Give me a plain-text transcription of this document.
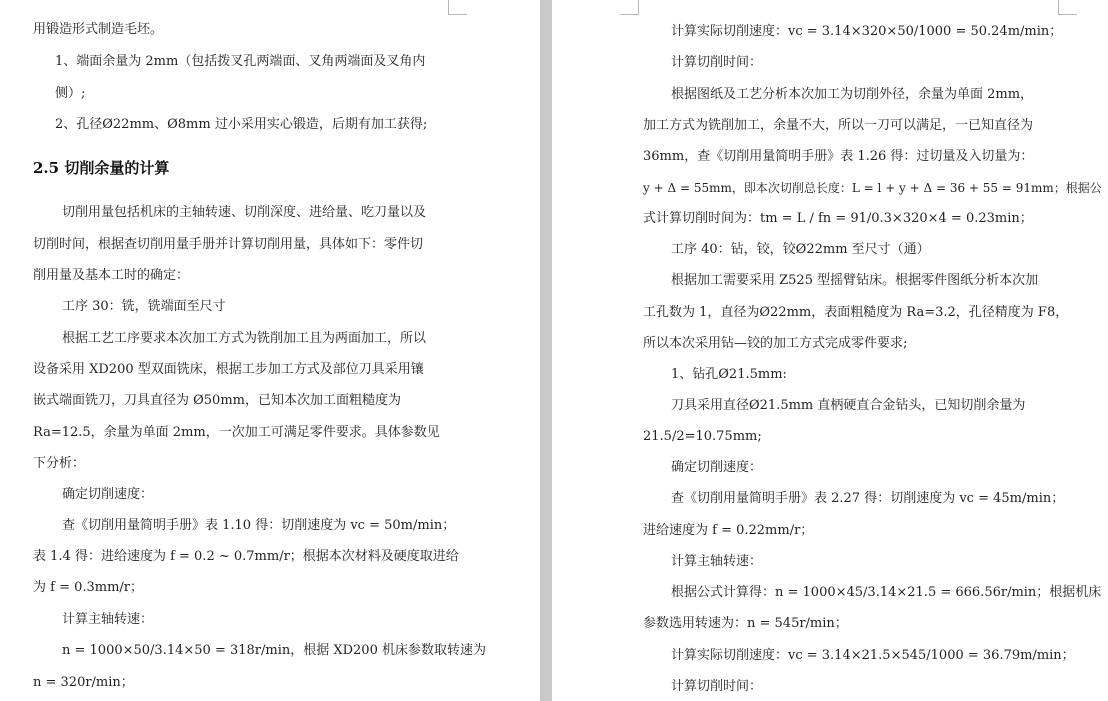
用锻造形式制造毛坯。
1、端面余量为 2mm（包括拨叉孔两端面、叉角两端面及叉角内
侧）;
2、孔径Ø22mm、Ø8mm 过小采用实心锻造，后期有加工获得;
2.5 切削余量的计算
切削用量包括机床的主轴转速、切削深度、进给量、吃刀量以及
切削时间，根据查切削用量手册并计算切削用量，具体如下：零件切
削用量及基本工时的确定：
工序 30：铣，铣端面至尺寸
根据工艺工序要求本次加工方式为铣削加工且为两面加工，所以
设备采用 XD200 型双面铣床，根据工步加工方式及部位刀具采用镶
嵌式端面铣刀，刀具直径为 Ø50mm，已知本次加工面粗糙度为
Ra=12.5，余量为单面 2mm，一次加工可满足零件要求。具体参数见
下分析：
确定切削速度：
查《切削用量简明手册》表 1.10 得：切削速度为 vc = 50m/min；
表 1.4 得：进给速度为 f = 0.2 ~ 0.7mm/r；根据本次材料及硬度取进给
为 f = 0.3mm/r；
计算主轴转速：
n = 1000×50/3.14×50 = 318r/min，根据 XD200 机床参数取转速为
n = 320r/min；
计算实际切削速度：vc = 3.14×320×50/1000 = 50.24m/min；
计算切削时间：
根据图纸及工艺分析本次加工为切削外径，余量为单面 2mm，
加工方式为铣削加工，余量不大，所以一刀可以满足，一已知直径为
36mm，查《切削用量简明手册》表 1.26 得：过切量及入切量为：
y + Δ = 55mm，即本次切削总长度：L = l + y + Δ = 36 + 55 = 91mm；根据公
式计算切削时间为：tm = L / fn = 91/0.3×320×4 = 0.23min；
工序 40：钻，铰，铰Ø22mm 至尺寸（通）
根据加工需要采用 Z525 型摇臂钻床。根据零件图纸分析本次加
工孔数为 1，直径为Ø22mm，表面粗糙度为 Ra=3.2，孔径精度为 F8，
所以本次采用钻—铰的加工方式完成零件要求;
1、钻孔Ø21.5mm:
刀具采用直径Ø21.5mm 直柄硬直合金钻头，已知切削余量为
21.5/2=10.75mm;
确定切削速度：
查《切削用量简明手册》表 2.27 得：切削速度为 vc = 45m/min；
进给速度为 f = 0.22mm/r；
计算主轴转速：
根据公式计算得：n = 1000×45/3.14×21.5 = 666.56r/min；根据机床
参数选用转速为：n = 545r/min；
计算实际切削速度：vc = 3.14×21.5×545/1000 = 36.79m/min；
计算切削时间：
